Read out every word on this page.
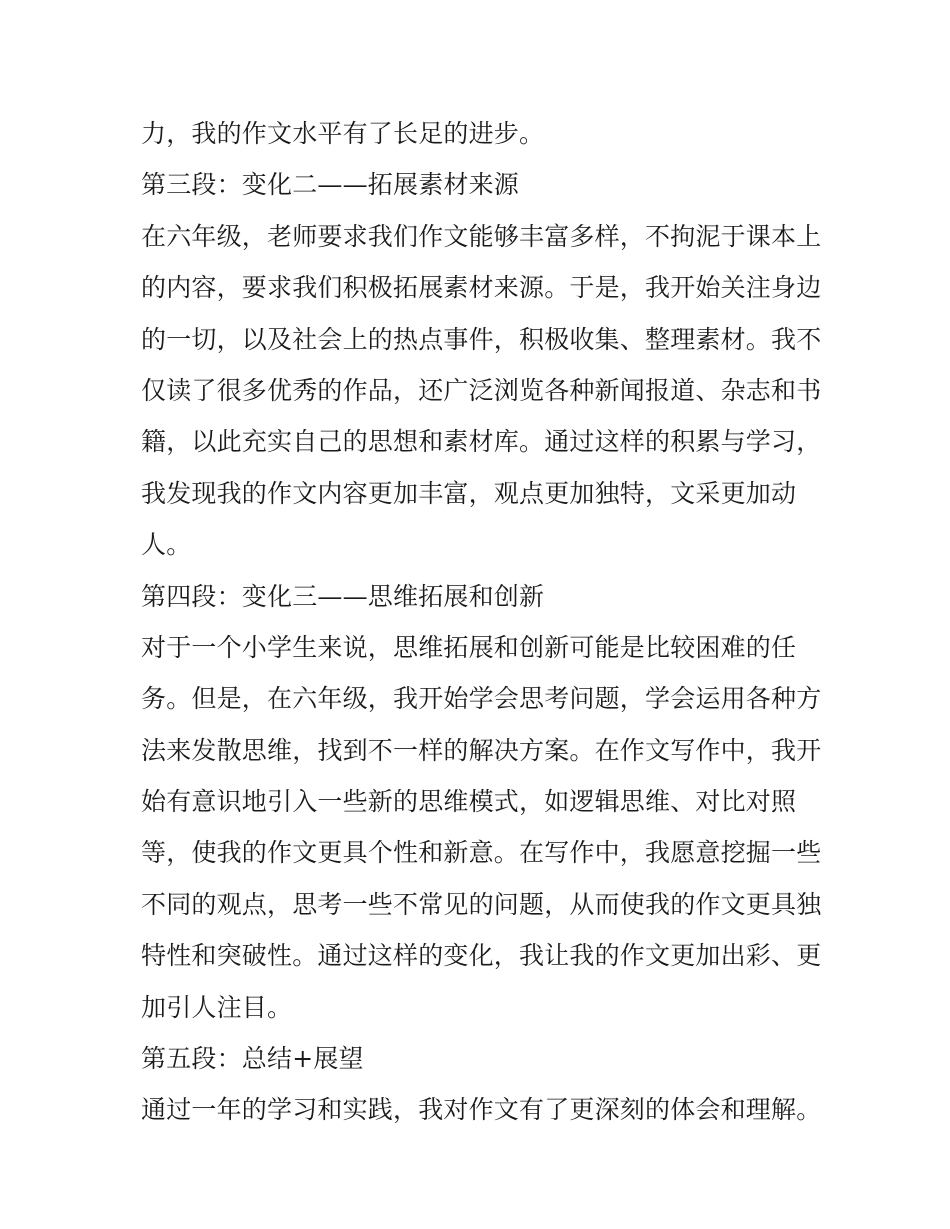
力，我的作文水平有了长足的进步。
第三段：变化二——拓展素材来源
在六年级，老师要求我们作文能够丰富多样，不拘泥于课本上
的内容，要求我们积极拓展素材来源。于是，我开始关注身边
的一切，以及社会上的热点事件，积极收集、整理素材。我不
仅读了很多优秀的作品，还广泛浏览各种新闻报道、杂志和书
籍，以此充实自己的思想和素材库。通过这样的积累与学习，
我发现我的作文内容更加丰富，观点更加独特，文采更加动
人。
第四段：变化三——思维拓展和创新
对于一个小学生来说，思维拓展和创新可能是比较困难的任
务。但是，在六年级，我开始学会思考问题，学会运用各种方
法来发散思维，找到不一样的解决方案。在作文写作中，我开
始有意识地引入一些新的思维模式，如逻辑思维、对比对照
等，使我的作文更具个性和新意。在写作中，我愿意挖掘一些
不同的观点，思考一些不常见的问题，从而使我的作文更具独
特性和突破性。通过这样的变化，我让我的作文更加出彩、更
加引人注目。
第五段：总结+展望
通过一年的学习和实践，我对作文有了更深刻的体会和理解。
